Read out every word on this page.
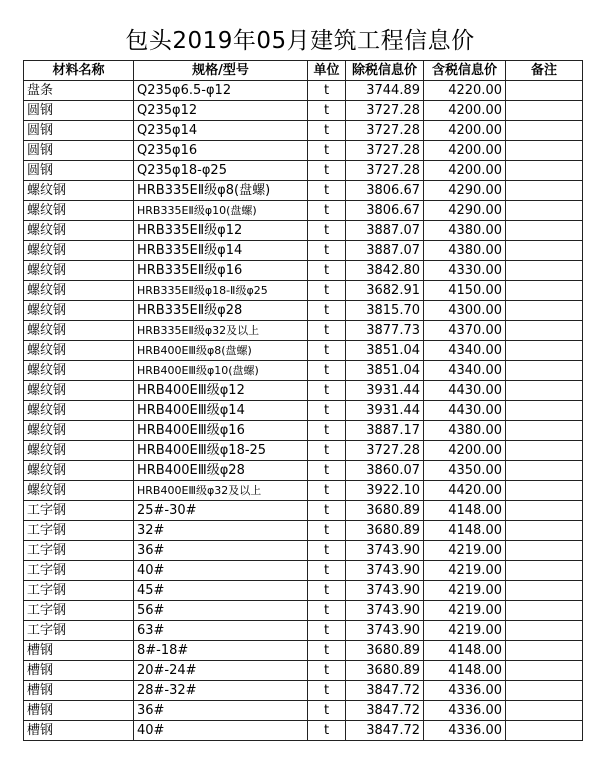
包头2019年05月建筑工程信息价
材料名称	规格/型号	单位	除税信息价	含税信息价	备注
盘条	Q235φ6.5-φ12	t	3744.89	4220.00	
圆钢	Q235φ12	t	3727.28	4200.00	
圆钢	Q235φ14	t	3727.28	4200.00	
圆钢	Q235φ16	t	3727.28	4200.00	
圆钢	Q235φ18-φ25	t	3727.28	4200.00	
螺纹钢	HRB335EⅡ级φ8(盘螺)	t	3806.67	4290.00	
螺纹钢	HRB335EⅡ级φ10(盘螺)	t	3806.67	4290.00	
螺纹钢	HRB335EⅡ级φ12	t	3887.07	4380.00	
螺纹钢	HRB335EⅡ级φ14	t	3887.07	4380.00	
螺纹钢	HRB335EⅡ级φ16	t	3842.80	4330.00	
螺纹钢	HRB335EⅡ级φ18-Ⅱ级φ25	t	3682.91	4150.00	
螺纹钢	HRB335EⅡ级φ28	t	3815.70	4300.00	
螺纹钢	HRB335EⅡ级φ32及以上	t	3877.73	4370.00	
螺纹钢	HRB400EⅢ级φ8(盘螺)	t	3851.04	4340.00	
螺纹钢	HRB400EⅢ级φ10(盘螺)	t	3851.04	4340.00	
螺纹钢	HRB400EⅢ级φ12	t	3931.44	4430.00	
螺纹钢	HRB400EⅢ级φ14	t	3931.44	4430.00	
螺纹钢	HRB400EⅢ级φ16	t	3887.17	4380.00	
螺纹钢	HRB400EⅢ级φ18-25	t	3727.28	4200.00	
螺纹钢	HRB400EⅢ级φ28	t	3860.07	4350.00	
螺纹钢	HRB400EⅢ级φ32及以上	t	3922.10	4420.00	
工字钢	25#-30#	t	3680.89	4148.00	
工字钢	32#	t	3680.89	4148.00	
工字钢	36#	t	3743.90	4219.00	
工字钢	40#	t	3743.90	4219.00	
工字钢	45#	t	3743.90	4219.00	
工字钢	56#	t	3743.90	4219.00	
工字钢	63#	t	3743.90	4219.00	
槽钢	8#-18#	t	3680.89	4148.00	
槽钢	20#-24#	t	3680.89	4148.00	
槽钢	28#-32#	t	3847.72	4336.00	
槽钢	36#	t	3847.72	4336.00	
槽钢	40#	t	3847.72	4336.00	
